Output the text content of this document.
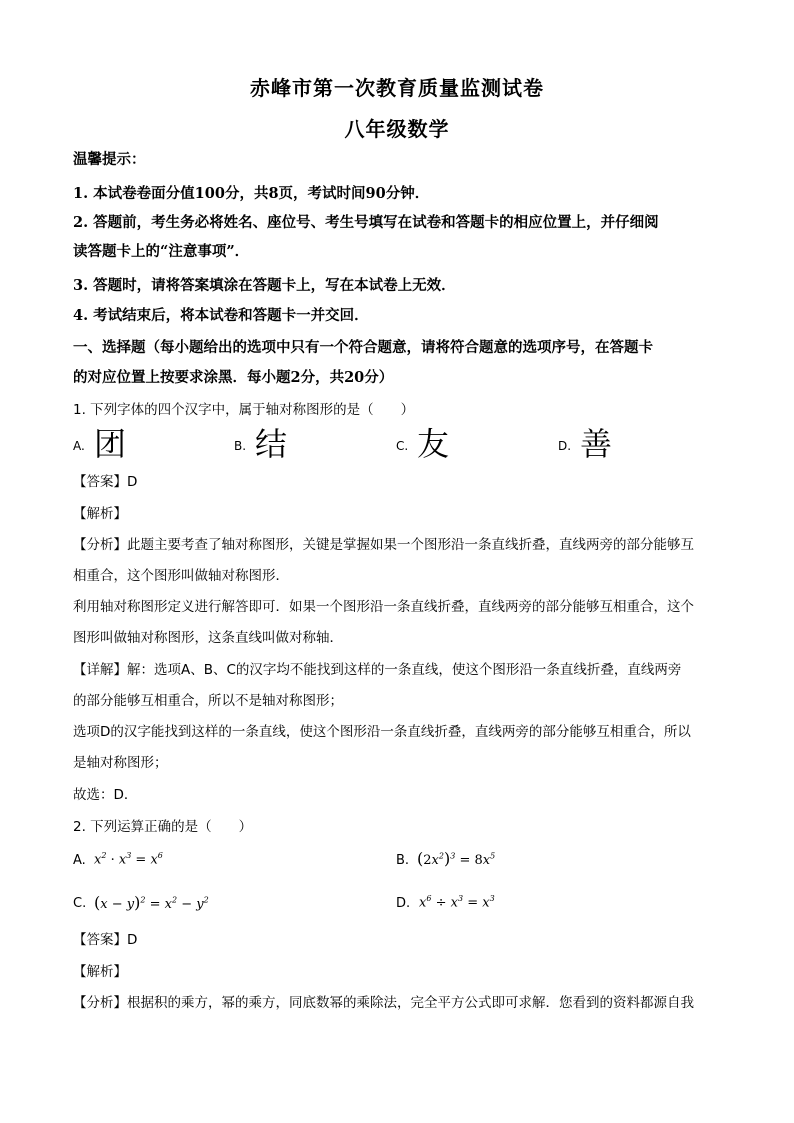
赤峰市第一次教育质量监测试卷
八年级数学
温馨提示：
1. 本试卷卷面分值100分，共8页，考试时间90分钟．
2. 答题前，考生务必将姓名、座位号、考生号填写在试卷和答题卡的相应位置上，并仔细阅
读答题卡上的“注意事项”．
3. 答题时，请将答案填涂在答题卡上，写在本试卷上无效．
4. 考试结束后，将本试卷和答题卡一并交回．
一、选择题（每小题给出的选项中只有一个符合题意，请将符合题意的选项序号，在答题卡
的对应位置上按要求涂黑．每小题2分，共20分）
1. 下列字体的四个汉字中，属于轴对称图形的是（　　）
A. 团	B. 结	C. 友	D. 善
【答案】D
【解析】
【分析】此题主要考查了轴对称图形，关键是掌握如果一个图形沿一条直线折叠，直线两旁的部分能够互
相重合，这个图形叫做轴对称图形．
利用轴对称图形定义进行解答即可．如果一个图形沿一条直线折叠，直线两旁的部分能够互相重合，这个
图形叫做轴对称图形，这条直线叫做对称轴．
【详解】解：选项A、B、C的汉字均不能找到这样的一条直线，使这个图形沿一条直线折叠，直线两旁
的部分能够互相重合，所以不是轴对称图形；
选项D的汉字能找到这样的一条直线，使这个图形沿一条直线折叠，直线两旁的部分能够互相重合，所以
是轴对称图形；
故选：D．
2. 下列运算正确的是（　　）
A. $x^2 \cdot x^3 = x^6$	B. $(2x^2)^3 = 8x^5$
C. $(x - y)^2 = x^2 - y^2$	D. $x^6 \div x^3 = x^3$
【答案】D
【解析】
【分析】根据积的乘方，幂的乘方，同底数幂的乘除法，完全平方公式即可求解．您看到的资料都源自我
